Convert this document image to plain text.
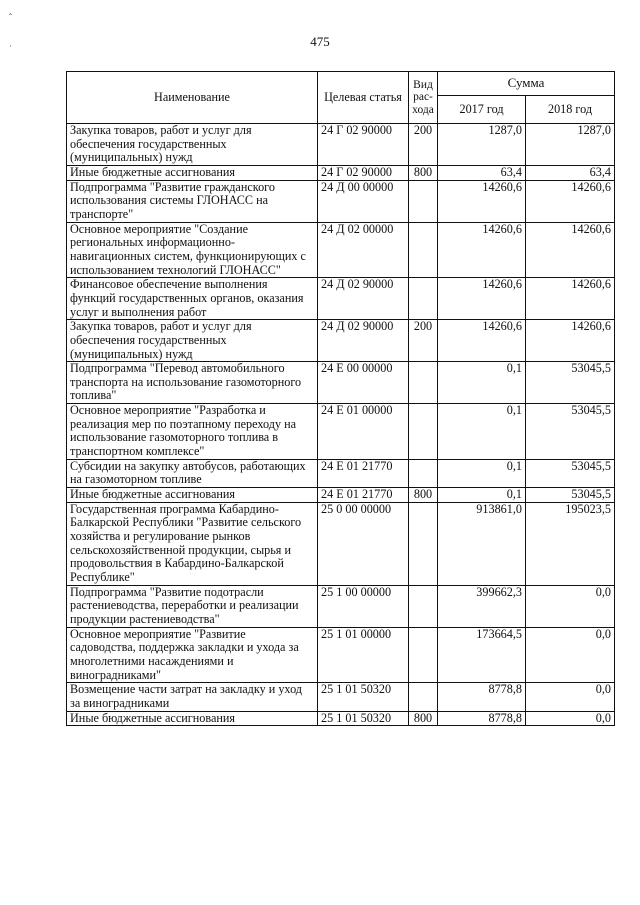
ˆ
˙	475
Наименование	Целевая статья	Вид рас-хода	Сумма	
			2017 год	2018 год
Закупка товаров, работ и услуг для обеспечения государственных (муниципальных) нужд	24 Г 02 90000	200	1287,0	1287,0
Иные бюджетные ассигнования	24 Г 02 90000	800	63,4	63,4
Подпрограмма "Развитие гражданского использования системы ГЛОНАСС на транспорте"	24 Д 00 00000		14260,6	14260,6
Основное мероприятие "Создание региональных информационно-навигационных систем, функционирующих с использованием технологий ГЛОНАСС"	24 Д 02 00000		14260,6	14260,6
Финансовое обеспечение выполнения функций государственных органов, оказания услуг и выполнения работ	24 Д 02 90000		14260,6	14260,6
Закупка товаров, работ и услуг для обеспечения государственных (муниципальных) нужд	24 Д 02 90000	200	14260,6	14260,6
Подпрограмма "Перевод автомобильного транспорта на использование газомоторного топлива"	24 Е 00 00000		0,1	53045,5
Основное мероприятие "Разработка и реализация мер по поэтапному переходу на использование газомоторного топлива в транспортном комплексе"	24 Е 01 00000		0,1	53045,5
Субсидии на закупку автобусов, работающих на газомоторном топливе	24 Е 01 21770		0,1	53045,5
Иные бюджетные ассигнования	24 Е 01 21770	800	0,1	53045,5
Государственная программа Кабардино-Балкарской Республики "Развитие сельского хозяйства и регулирование рынков сельскохозяйственной продукции, сырья и продовольствия в Кабардино-Балкарской Республике"	25 0 00 00000		913861,0	195023,5
Подпрограмма "Развитие подотрасли растениеводства, переработки и реализации продукции растениеводства"	25 1 00 00000		399662,3	0,0
Основное мероприятие "Развитие садоводства, поддержка закладки и ухода за многолетними насаждениями и виноградниками"	25 1 01 00000		173664,5	0,0
Возмещение части затрат на закладку и уход за виноградниками	25 1 01 50320		8778,8	0,0
Иные бюджетные ассигнования	25 1 01 50320	800	8778,8	0,0
